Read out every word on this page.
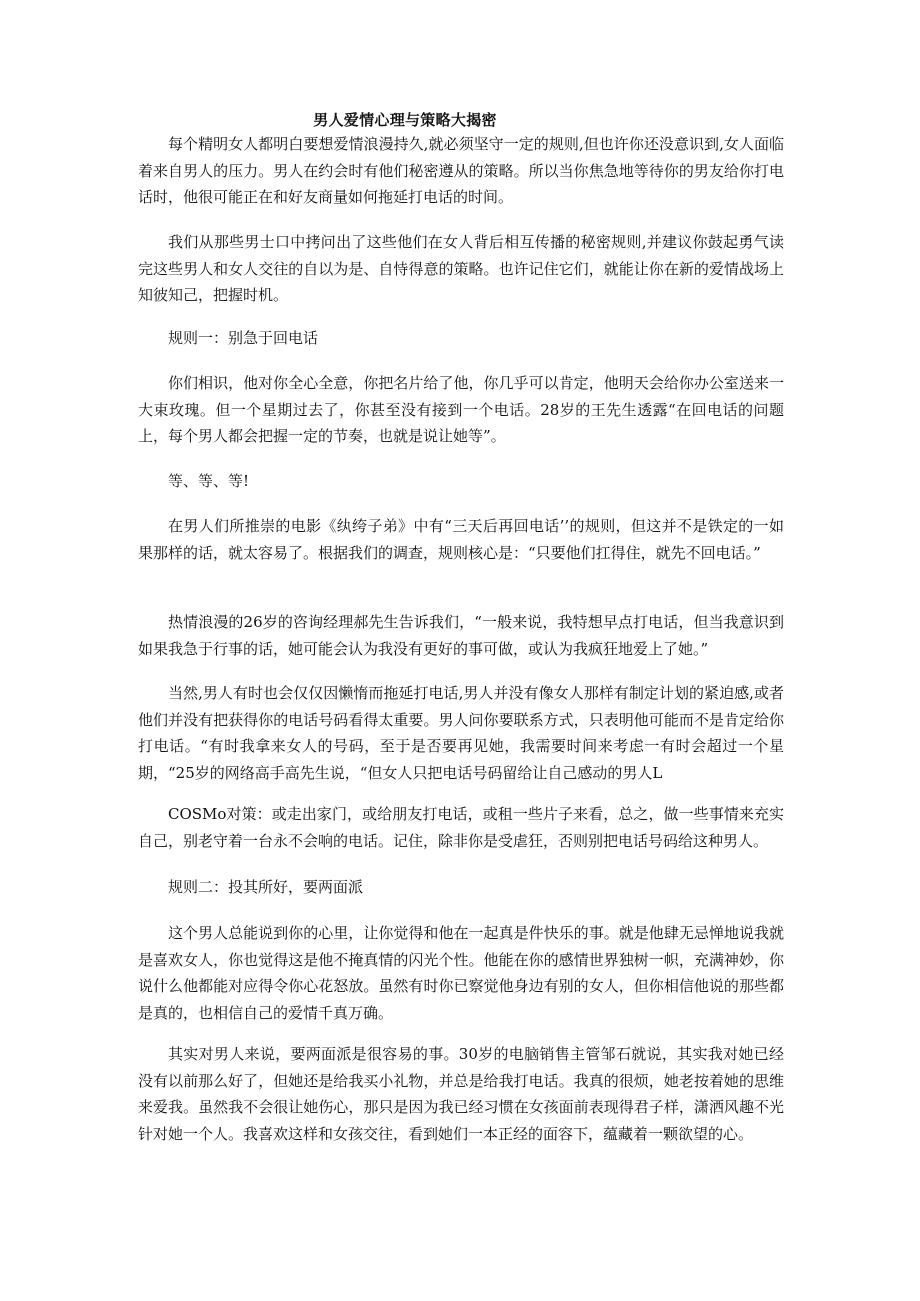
男人爱情心理与策略大揭密
每个精明女人都明白要想爱情浪漫持久,就必须坚守一定的规则,但也许你还没意识到,女人面临着来自男人的压力。男人在约会时有他们秘密遵从的策略。所以当你焦急地等待你的男友给你打电话时，他很可能正在和好友商量如何拖延打电话的时间。
我们从那些男士口中拷问出了这些他们在女人背后相互传播的秘密规则,并建议你鼓起勇气读完这些男人和女人交往的自以为是、自恃得意的策略。也许记住它们，就能让你在新的爱情战场上知彼知己，把握时机。
规则一：别急于回电话
你们相识，他对你全心全意，你把名片给了他，你几乎可以肯定，他明天会给你办公室送来一大束玫瑰。但一个星期过去了，你甚至没有接到一个电话。28岁的王先生透露“在回电话的问题上，每个男人都会把握一定的节奏，也就是说让她等”。
等、等、等!
在男人们所推崇的电影《纨绔子弟》中有“三天后再回电话’’的规则，但这并不是铁定的一如果那样的话，就太容易了。根据我们的调查，规则核心是：“只要他们扛得住，就先不回电话。”
热情浪漫的26岁的咨询经理郝先生告诉我们，“一般来说，我特想早点打电话，但当我意识到如果我急于行事的话，她可能会认为我没有更好的事可做，或认为我疯狂地爱上了她。”
当然,男人有时也会仅仅因懒惰而拖延打电话,男人并没有像女人那样有制定计划的紧迫感,或者他们并没有把获得你的电话号码看得太重要。男人问你要联系方式，只表明他可能而不是肯定给你打电话。“有时我拿来女人的号码，至于是否要再见她，我需要时间来考虑一有时会超过一个星期，“25岁的网络高手高先生说，“但女人只把电话号码留给让自己感动的男人L
COSMo对策：或走出家门，或给朋友打电话，或租一些片子来看，总之，做一些事情来充实自己，别老守着一台永不会响的电话。记住，除非你是受虐狂，否则别把电话号码给这种男人。
规则二：投其所好，要两面派
这个男人总能说到你的心里，让你觉得和他在一起真是件快乐的事。就是他肆无忌惮地说我就是喜欢女人，你也觉得这是他不掩真情的闪光个性。他能在你的感情世界独树一帜，充满神妙，你说什么他都能对应得令你心花怒放。虽然有时你已察觉他身边有别的女人，但你相信他说的那些都是真的，也相信自己的爱情千真万确。
其实对男人来说，要两面派是很容易的事。30岁的电脑销售主管邹石就说，其实我对她已经没有以前那么好了，但她还是给我买小礼物，并总是给我打电话。我真的很烦，她老按着她的思维来爱我。虽然我不会很让她伤心，那只是因为我已经习惯在女孩面前表现得君子样，潇洒风趣不光针对她一个人。我喜欢这样和女孩交往，看到她们一本正经的面容下，蕴藏着一颗欲望的心。
